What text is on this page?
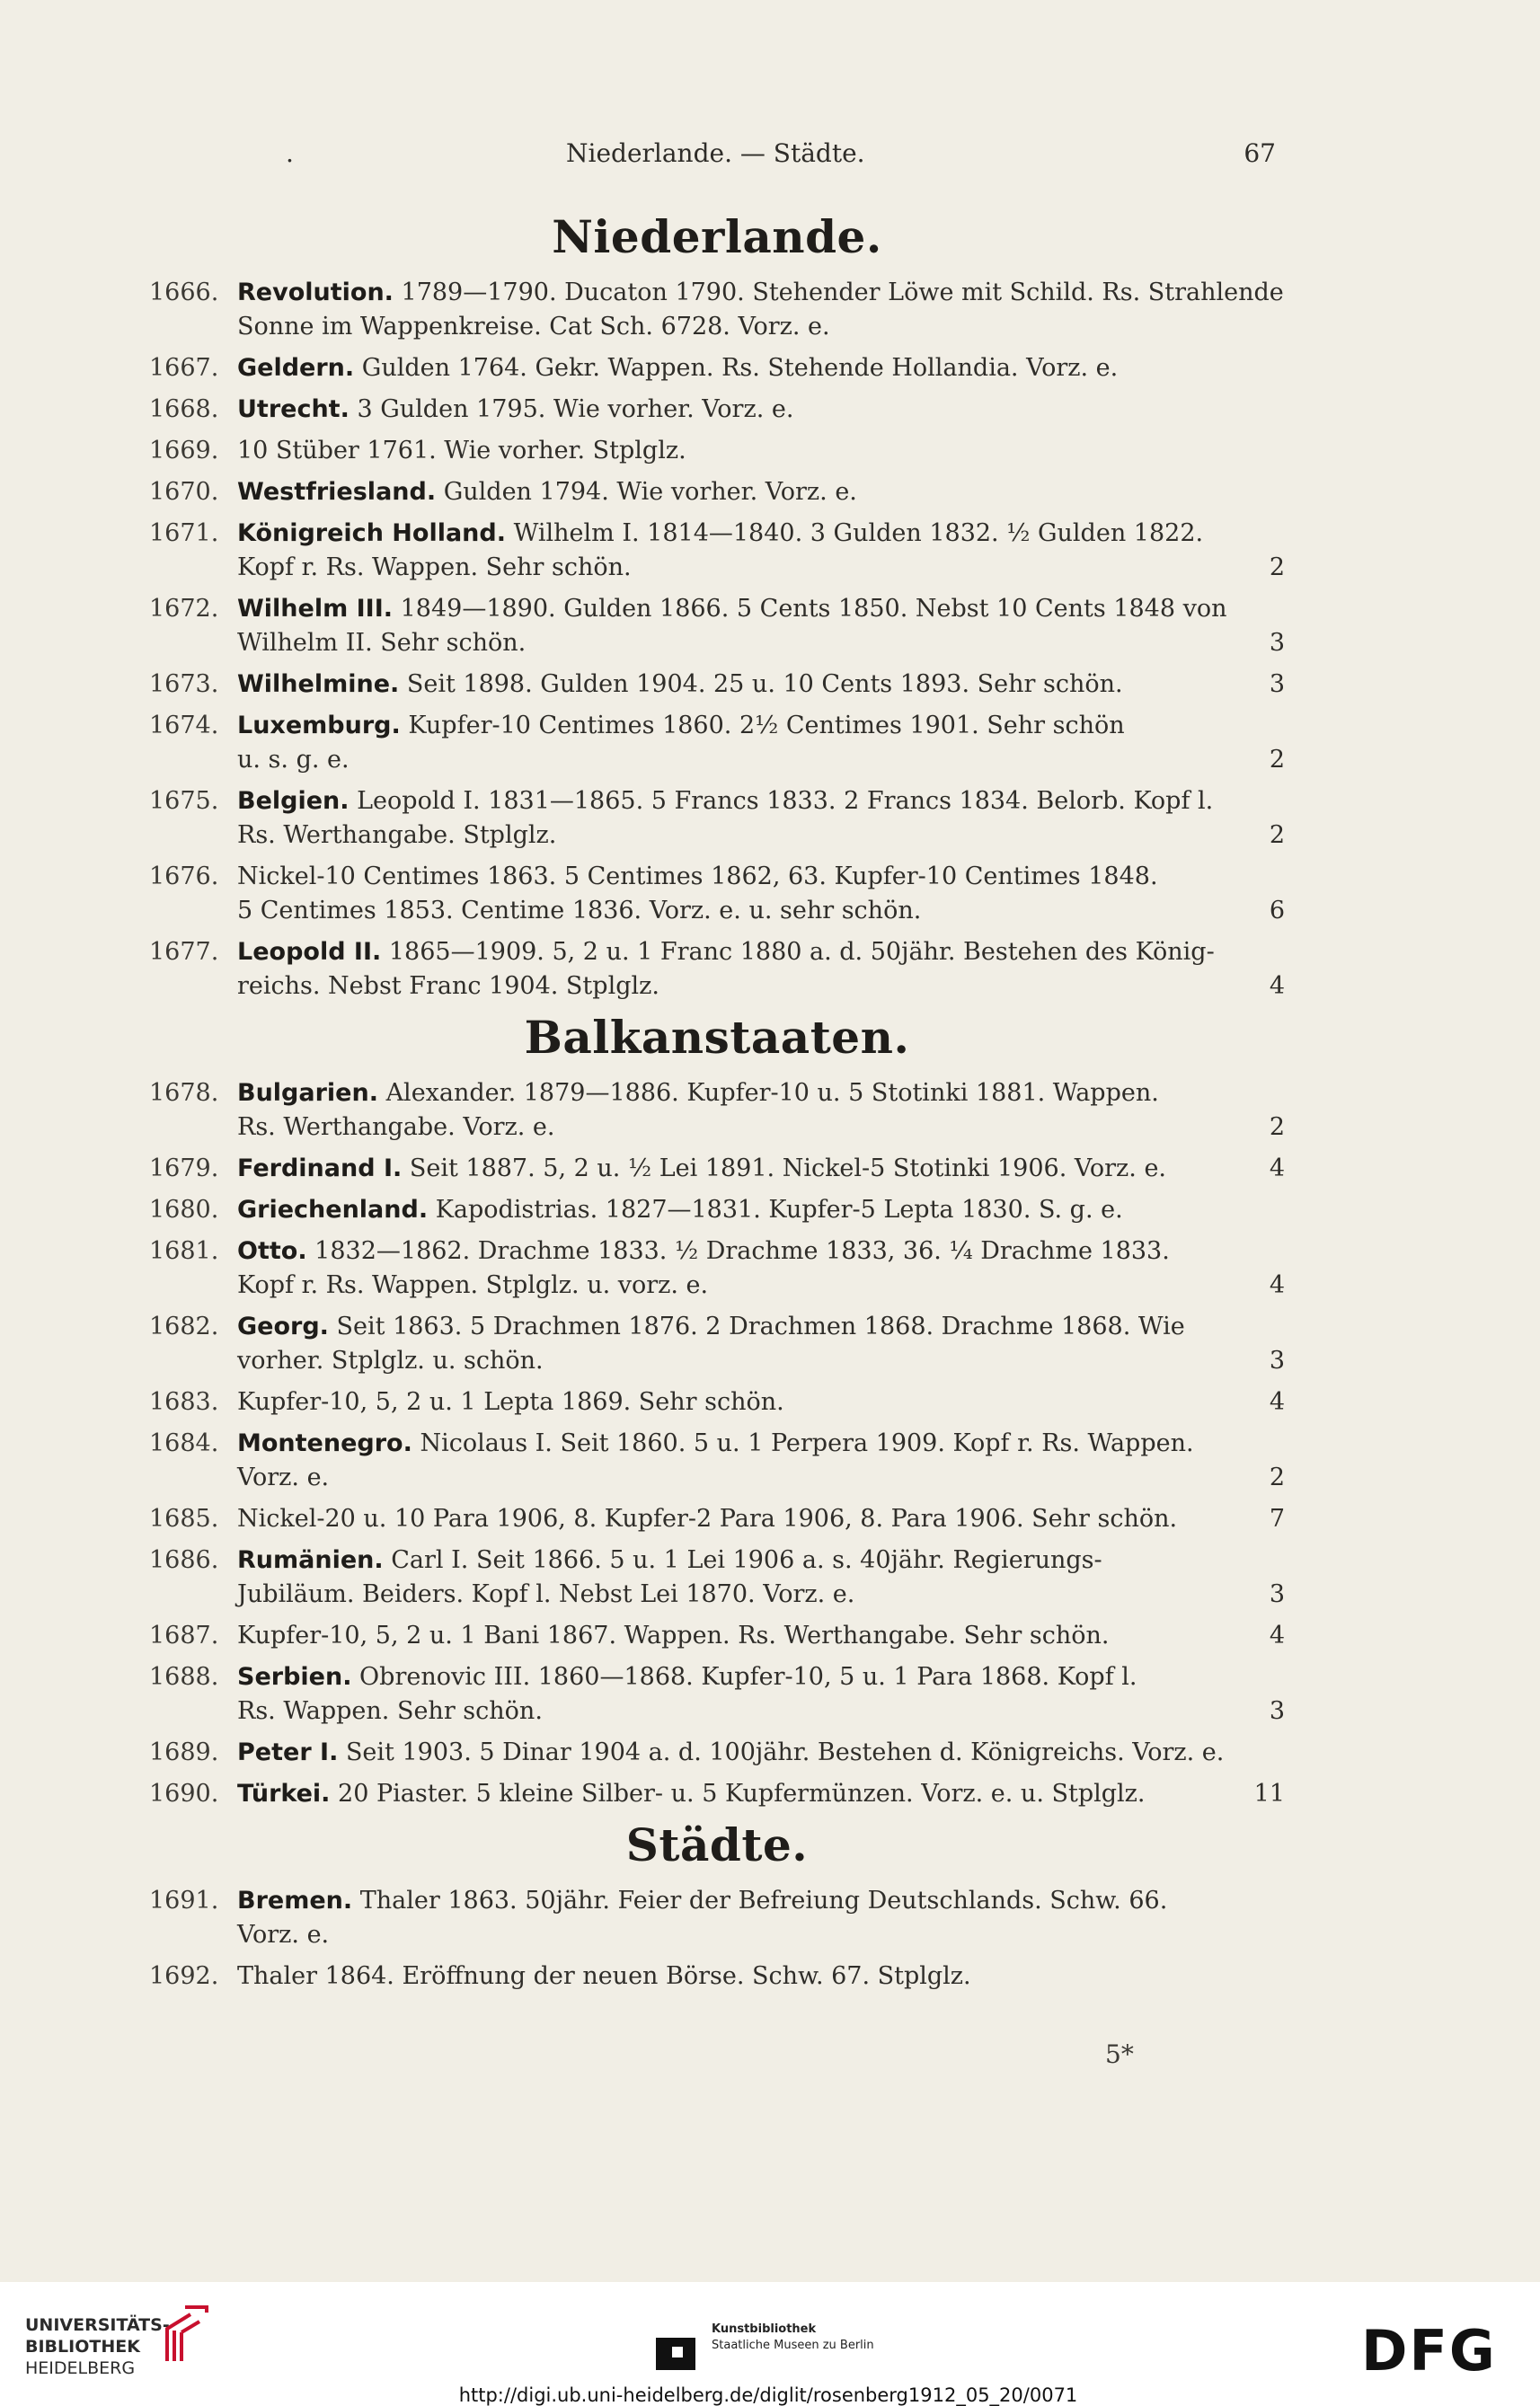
.	Niederlande. — Städte.	67
Niederlande.
1666. Revolution. 1789—1790. Ducaton 1790. Stehender Löwe mit Schild. Rs. Strahlende
Sonne im Wappenkreise. Cat Sch. 6728. Vorz. e.
1667. Geldern. Gulden 1764. Gekr. Wappen. Rs. Stehende Hollandia. Vorz. e.
1668. Utrecht. 3 Gulden 1795. Wie vorher. Vorz. e.
1669. 10 Stüber 1761. Wie vorher. Stplglz.
1670. Westfriesland. Gulden 1794. Wie vorher. Vorz. e.
1671. Königreich Holland. Wilhelm I. 1814—1840. 3 Gulden 1832. ½ Gulden 1822.
Kopf r. Rs. Wappen. Sehr schön.	2
1672. Wilhelm III. 1849—1890. Gulden 1866. 5 Cents 1850. Nebst 10 Cents 1848 von
Wilhelm II. Sehr schön.	3
1673. Wilhelmine. Seit 1898. Gulden 1904. 25 u. 10 Cents 1893. Sehr schön.	3
1674. Luxemburg. Kupfer-10 Centimes 1860. 2½ Centimes 1901. Sehr schön
u. s. g. e.	2
1675. Belgien. Leopold I. 1831—1865. 5 Francs 1833. 2 Francs 1834. Belorb. Kopf l.
Rs. Werthangabe. Stplglz.	2
1676. Nickel-10 Centimes 1863. 5 Centimes 1862, 63. Kupfer-10 Centimes 1848.
5 Centimes 1853. Centime 1836. Vorz. e. u. sehr schön.	6
1677. Leopold II. 1865—1909. 5, 2 u. 1 Franc 1880 a. d. 50jähr. Bestehen des König-
reichs. Nebst Franc 1904. Stplglz.	4
Balkanstaaten.
1678. Bulgarien. Alexander. 1879—1886. Kupfer-10 u. 5 Stotinki 1881. Wappen.
Rs. Werthangabe. Vorz. e.	2
1679. Ferdinand I. Seit 1887. 5, 2 u. ½ Lei 1891. Nickel-5 Stotinki 1906. Vorz. e.	4
1680. Griechenland. Kapodistrias. 1827—1831. Kupfer-5 Lepta 1830. S. g. e.
1681. Otto. 1832—1862. Drachme 1833. ½ Drachme 1833, 36. ¼ Drachme 1833.
Kopf r. Rs. Wappen. Stplglz. u. vorz. e.	4
1682. Georg. Seit 1863. 5 Drachmen 1876. 2 Drachmen 1868. Drachme 1868. Wie
vorher. Stplglz. u. schön.	3
1683. Kupfer-10, 5, 2 u. 1 Lepta 1869. Sehr schön.	4
1684. Montenegro. Nicolaus I. Seit 1860. 5 u. 1 Perpera 1909. Kopf r. Rs. Wappen.
Vorz. e.	2
1685. Nickel-20 u. 10 Para 1906, 8. Kupfer-2 Para 1906, 8. Para 1906. Sehr schön.	7
1686. Rumänien. Carl I. Seit 1866. 5 u. 1 Lei 1906 a. s. 40jähr. Regierungs-
Jubiläum. Beiders. Kopf l. Nebst Lei 1870. Vorz. e.	3
1687. Kupfer-10, 5, 2 u. 1 Bani 1867. Wappen. Rs. Werthangabe. Sehr schön.	4
1688. Serbien. Obrenovic III. 1860—1868. Kupfer-10, 5 u. 1 Para 1868. Kopf l.
Rs. Wappen. Sehr schön.	3
1689. Peter I. Seit 1903. 5 Dinar 1904 a. d. 100jähr. Bestehen d. Königreichs. Vorz. e.
1690. Türkei. 20 Piaster. 5 kleine Silber- u. 5 Kupfermünzen. Vorz. e. u. Stplglz.	11
Städte.
1691. Bremen. Thaler 1863. 50jähr. Feier der Befreiung Deutschlands. Schw. 66.
Vorz. e.
1692. Thaler 1864. Eröffnung der neuen Börse. Schw. 67. Stplglz.
5*
UNIVERSITÄTS-
BIBLIOTHEK
HEIDELBERG
Kunstbibliothek
Staatliche Museen zu Berlin	DFG
http://digi.ub.uni-heidelberg.de/diglit/rosenberg1912_05_20/0071
